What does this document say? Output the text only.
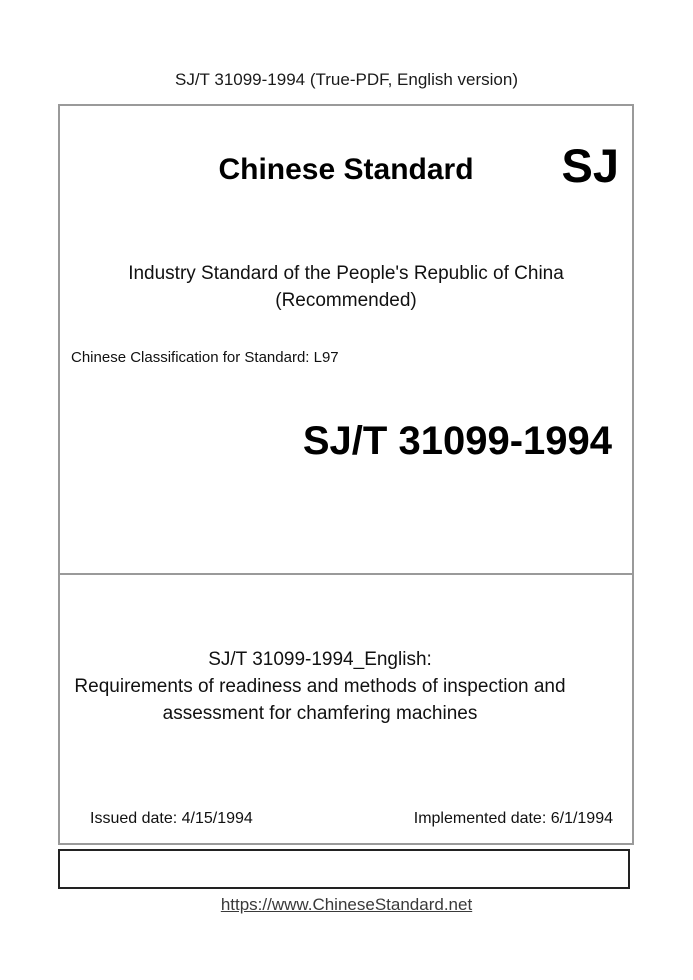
SJ/T 31099-1994 (True-PDF, English version)
Chinese Standard	SJ
Industry Standard of the People's Republic of China
(Recommended)
Chinese Classification for Standard: L97
SJ/T 31099-1994
SJ/T 31099-1994_English:
Requirements of readiness and methods of inspection and
assessment for chamfering machines
Issued date: 4/15/1994	Implemented date: 6/1/1994
https://www.ChineseStandard.net
